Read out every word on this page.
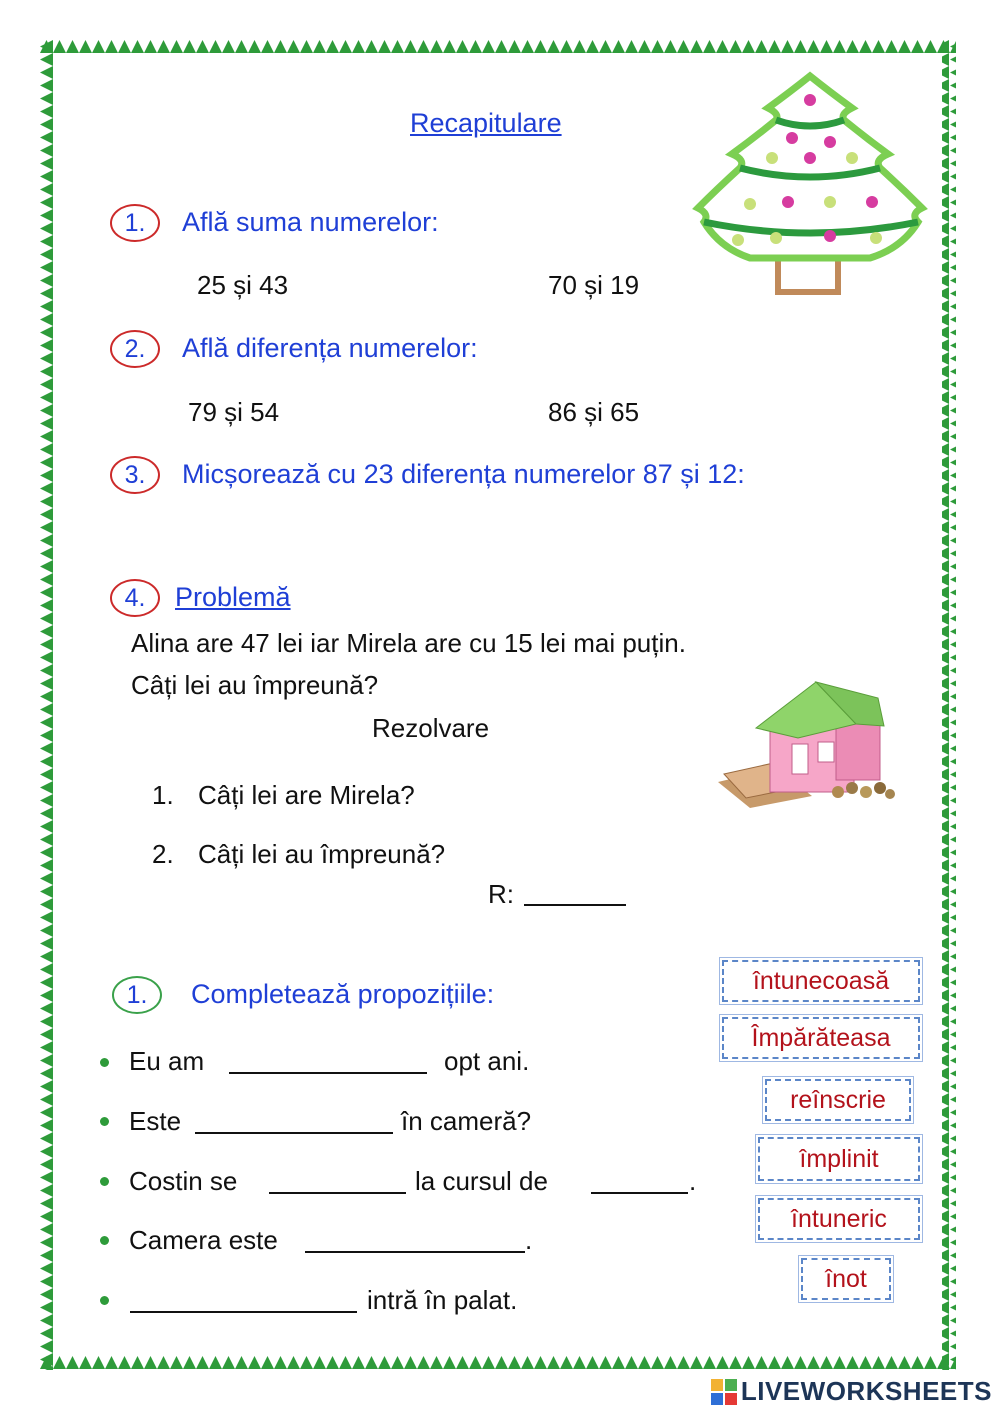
Recapitulare
1.	Află suma numerelor:
25 și 43	70 și 19
2.	Află diferența numerelor:
79 și 54	86 și 65
3.	Micșorează cu 23 diferența numerelor 87 și 12:
4.	Problemă
Alina are 47 lei iar Mirela are cu 15 lei mai puțin.
Câți lei au împreună?
Rezolvare
1. Câți lei are Mirela?
2. Câți lei au împreună?
R:
1.	Completează propozițiile:
Eu am	opt ani.
Este	în cameră?
Costin se	la cursul de	.
Camera este	.
intră în palat.
întunecoasă
Împărăteasa
reînscrie
împlinit
întuneric
înot
LIVEWORKSHEETS
